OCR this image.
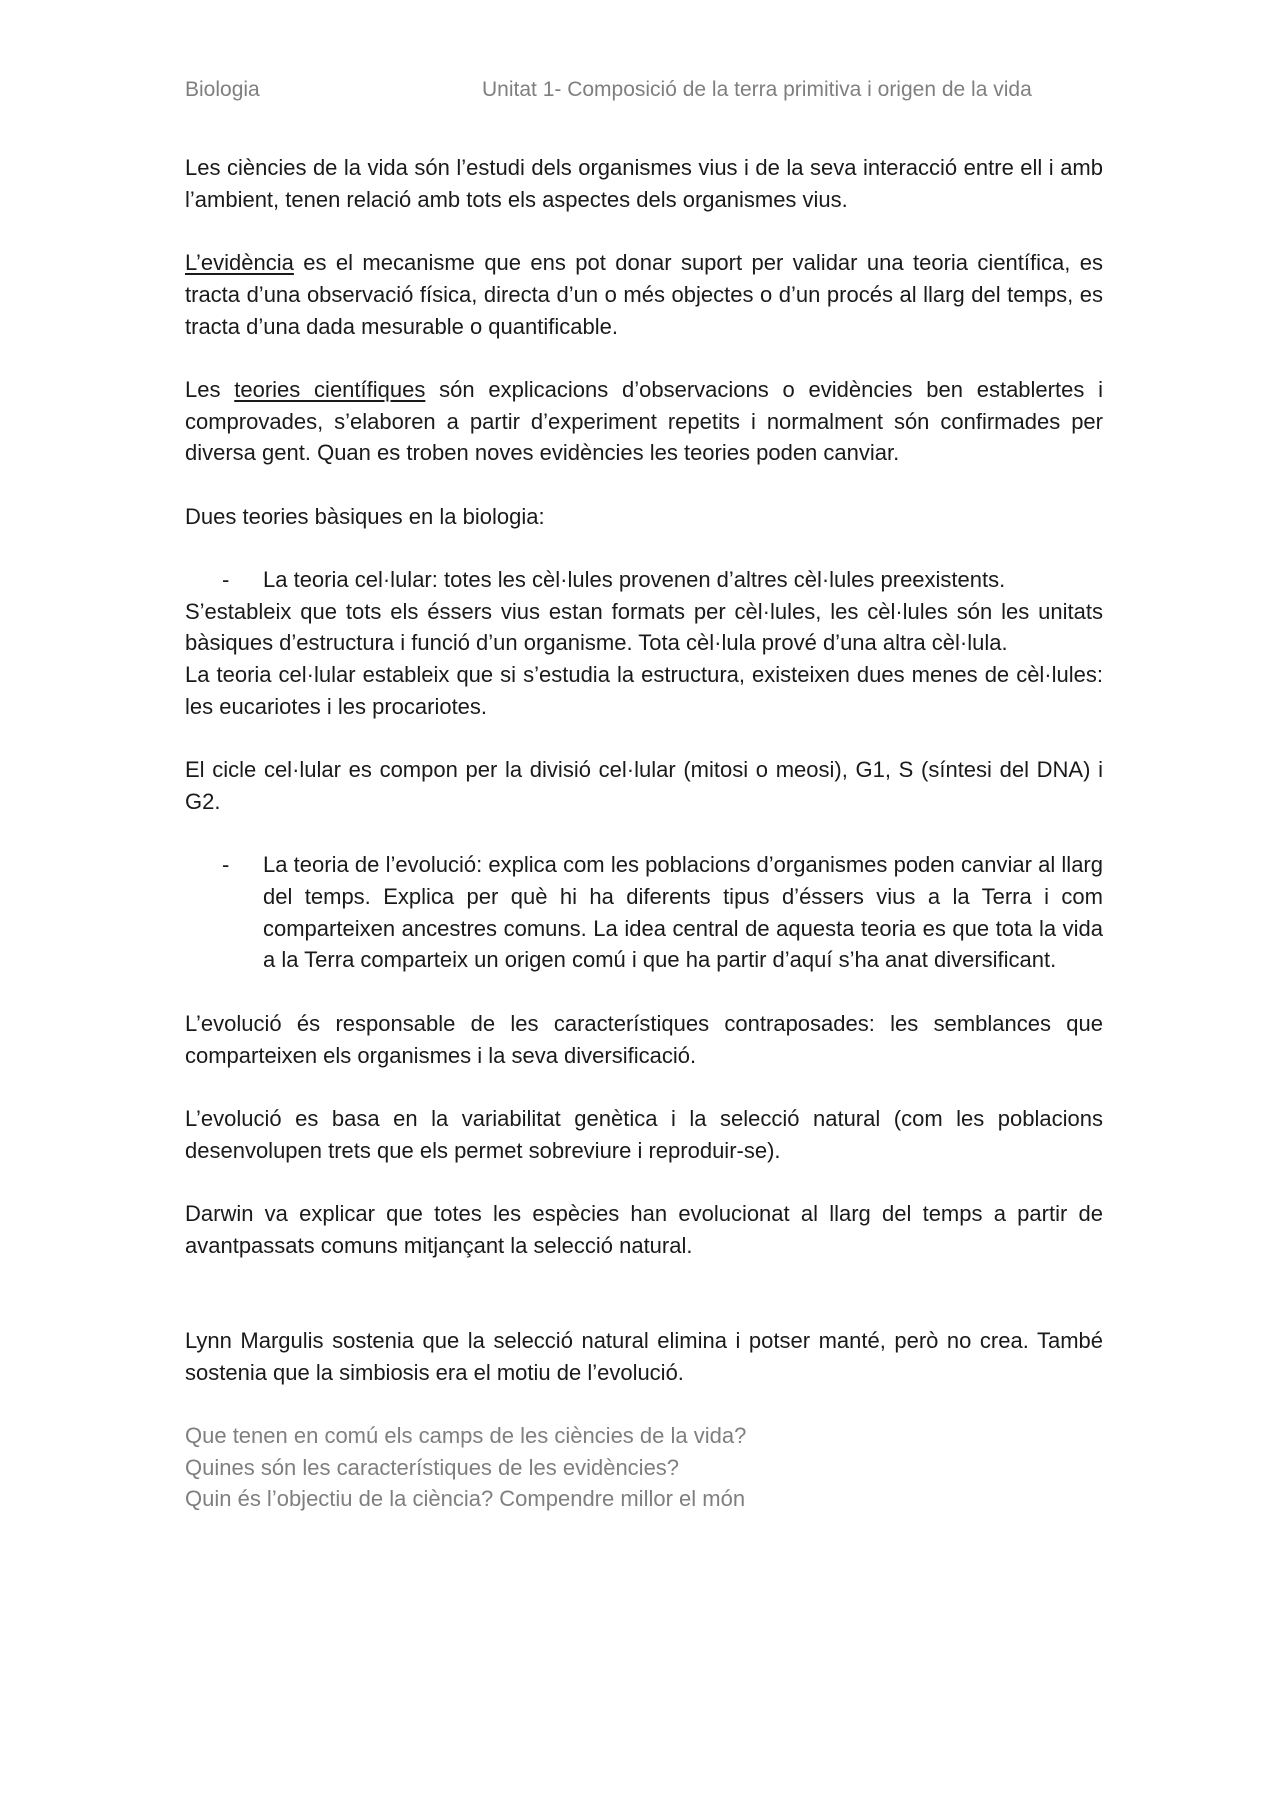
Biologia	Unitat 1- Composició de la terra primitiva i origen de la vida

Les ciències de la vida són l’estudi dels organismes vius i de la seva interacció entre ell i amb l’ambient, tenen relació amb tots els aspectes dels organismes vius.

L’evidència es el mecanisme que ens pot donar suport per validar una teoria científica, es tracta d’una observació física, directa d’un o més objectes o d’un procés al llarg del temps, es tracta d’una dada mesurable o quantificable.

Les teories científiques són explicacions d’observacions o evidències ben establertes i comprovades, s’elaboren a partir d’experiment repetits i normalment són confirmades per diversa gent. Quan es troben noves evidències les teories poden canviar.

Dues teories bàsiques en la biologia:

- La teoria cel·lular: totes les cèl·lules provenen d’altres cèl·lules preexistents.

S’estableix que tots els éssers vius estan formats per cèl·lules, les cèl·lules són les unitats bàsiques d’estructura i funció d’un organisme. Tota cèl·lula prové d’una altra cèl·lula.

La teoria cel·lular estableix que si s’estudia la estructura, existeixen dues menes de cèl·lules: les eucariotes i les procariotes.

El cicle cel·lular es compon per la divisió cel·lular (mitosi o meosi), G1, S (síntesi del DNA) i G2.

- La teoria de l’evolució: explica com les poblacions d’organismes poden canviar al llarg del temps. Explica per què hi ha diferents tipus d’éssers vius a la Terra i com comparteixen ancestres comuns. La idea central de aquesta teoria es que tota la vida a la Terra comparteix un origen comú i que ha partir d’aquí s’ha anat diversificant.

L’evolució és responsable de les característiques contraposades: les semblances que comparteixen els organismes i la seva diversificació.

L’evolució es basa en la variabilitat genètica i la selecció natural (com les poblacions desenvolupen trets que els permet sobreviure i reproduir-se).

Darwin va explicar que totes les espècies han evolucionat al llarg del temps a partir de avantpassats comuns mitjançant la selecció natural.

Lynn Margulis sostenia que la selecció natural elimina i potser manté, però no crea. També sostenia que la simbiosis era el motiu de l’evolució.

Que tenen en comú els camps de les ciències de la vida?

Quines són les característiques de les evidències?

Quin és l’objectiu de la ciència? Compendre millor el món
